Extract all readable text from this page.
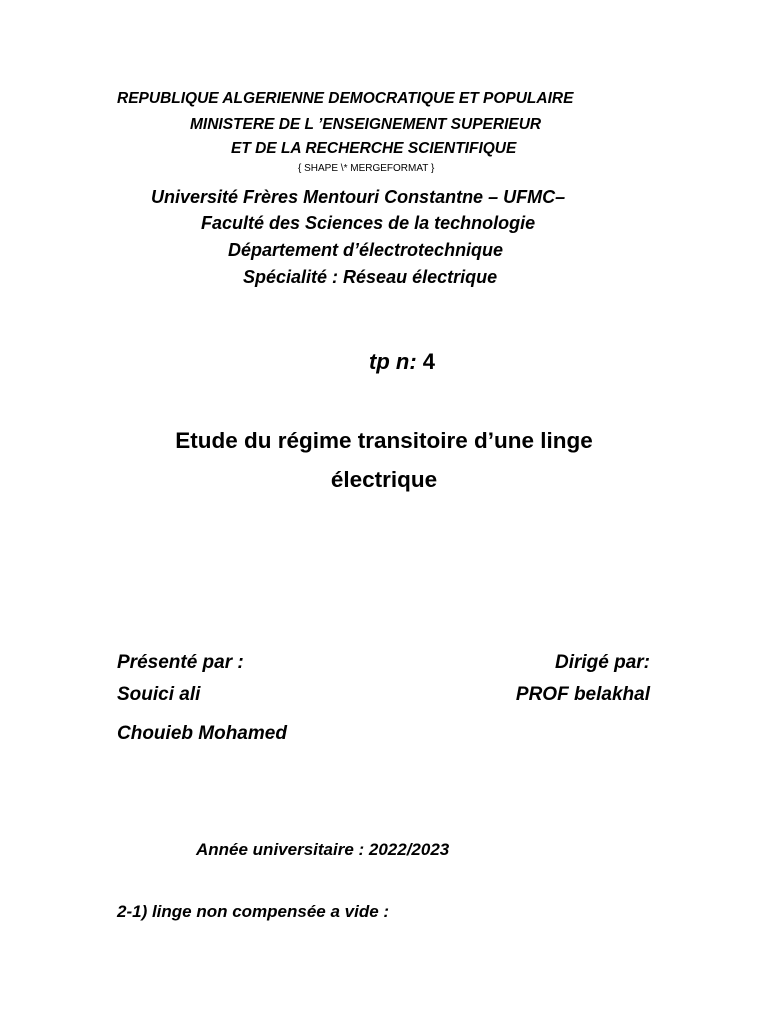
REPUBLIQUE ALGERIENNE DEMOCRATIQUE ET POPULAIRE
MINISTERE DE L ’ENSEIGNEMENT SUPERIEUR
ET DE LA RECHERCHE SCIENTIFIQUE
{ SHAPE \* MERGEFORMAT }
Université Frères Mentouri Constantne – UFMC–
Faculté des Sciences de la technologie
Département d’électrotechnique
Spécialité : Réseau électrique
tp n: 4
Etude du régime transitoire d’une linge
électrique
Présenté par :
Souici ali
Chouieb Mohamed
Dirigé par:
PROF belakhal
Année universitaire : 2022/2023
2-1) linge non compensée a vide :
